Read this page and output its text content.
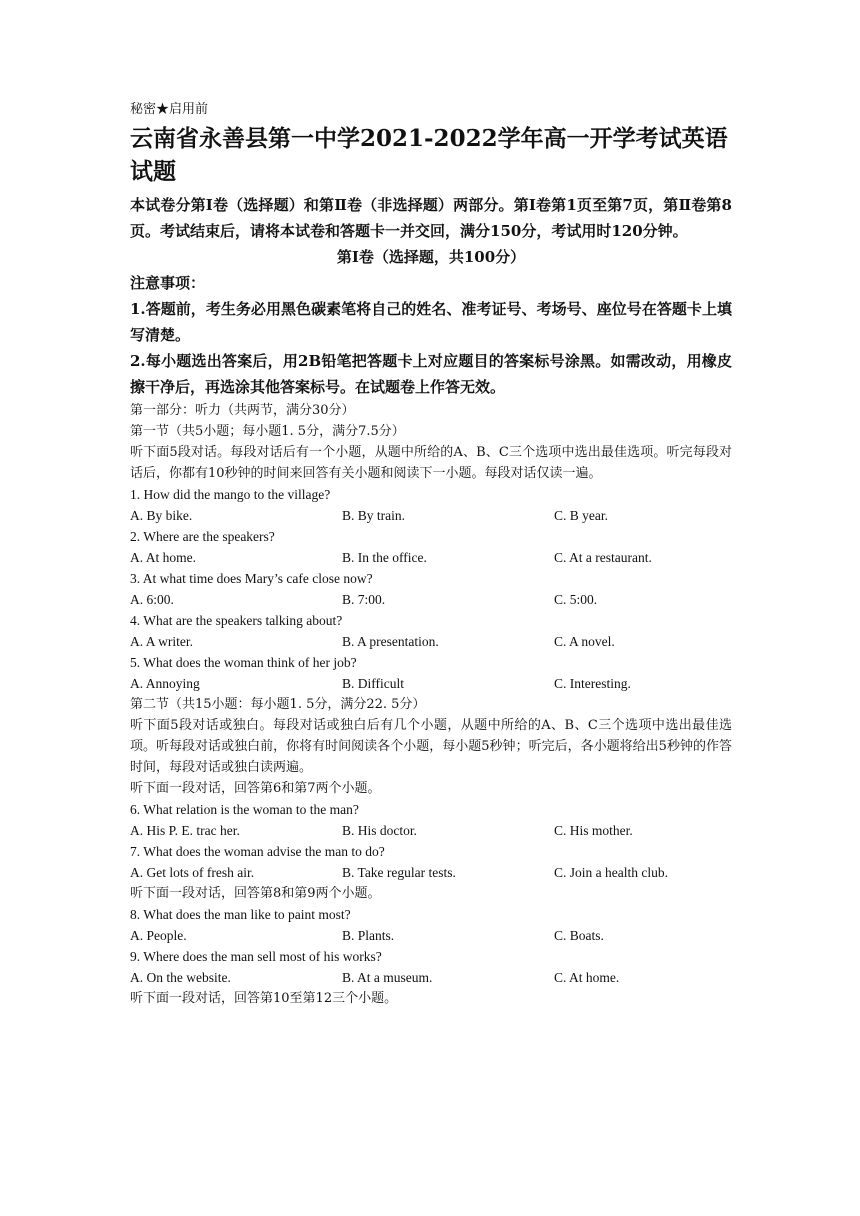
秘密★启用前
云南省永善县第一中学2021-2022学年高一开学考试英语试题
本试卷分第Ⅰ卷（选择题）和第Ⅱ卷（非选择题）两部分。第Ⅰ卷第1页至第7页，第Ⅱ卷第8页。考试结束后，请将本试卷和答题卡一并交回，满分150分，考试用时120分钟。
第Ⅰ卷（选择题，共100分）
注意事项：
1.答题前，考生务必用黑色碳素笔将自己的姓名、准考证号、考场号、座位号在答题卡上填写清楚。
2.每小题选出答案后，用2B铅笔把答题卡上对应题目的答案标号涂黑。如需改动，用橡皮擦干净后，再选涂其他答案标号。在试题卷上作答无效。
第一部分：听力（共两节，满分30分）
第一节（共5小题；每小题1. 5分，满分7.5分）
听下面5段对话。每段对话后有一个小题，从题中所给的A、B、C三个选项中选出最佳选项。听完每段对话后，你都有10秒钟的时间来回答有关小题和阅读下一小题。每段对话仅读一遍。
1. How did the mango to the village?
A. By bike.	B. By train.	C. B year.
2. Where are the speakers?
A. At home.	B. In the office.	C. At a restaurant.
3. At what time does Mary’s cafe close now?
A. 6:00.	B. 7:00.	C. 5:00.
4. What are the speakers talking about?
A. A writer.	B. A presentation.	C. A novel.
5. What does the woman think of her job?
A. Annoying	B. Difficult	C. Interesting.
第二节（共15小题：每小题1. 5分，满分22. 5分）
听下面5段对话或独白。每段对话或独白后有几个小题，从题中所给的A、B、C三个选项中选出最佳选项。听每段对话或独白前，你将有时间阅读各个小题，每小题5秒钟；听完后，各小题将给出5秒钟的作答时间，每段对话或独白读两遍。
听下面一段对话，回答第6和第7两个小题。
6. What relation is the woman to the man?
A. His P. E. trac her.	B. His doctor.	C. His mother.
7. What does the woman advise the man to do?
A. Get lots of fresh air.	B. Take regular tests.	C. Join a health club.
听下面一段对话，回答第8和第9两个小题。
8. What does the man like to paint most?
A. People.	B. Plants.	C. Boats.
9. Where does the man sell most of his works?
A. On the website.	B. At a museum.	C. At home.
听下面一段对话，回答第10至第12三个小题。
